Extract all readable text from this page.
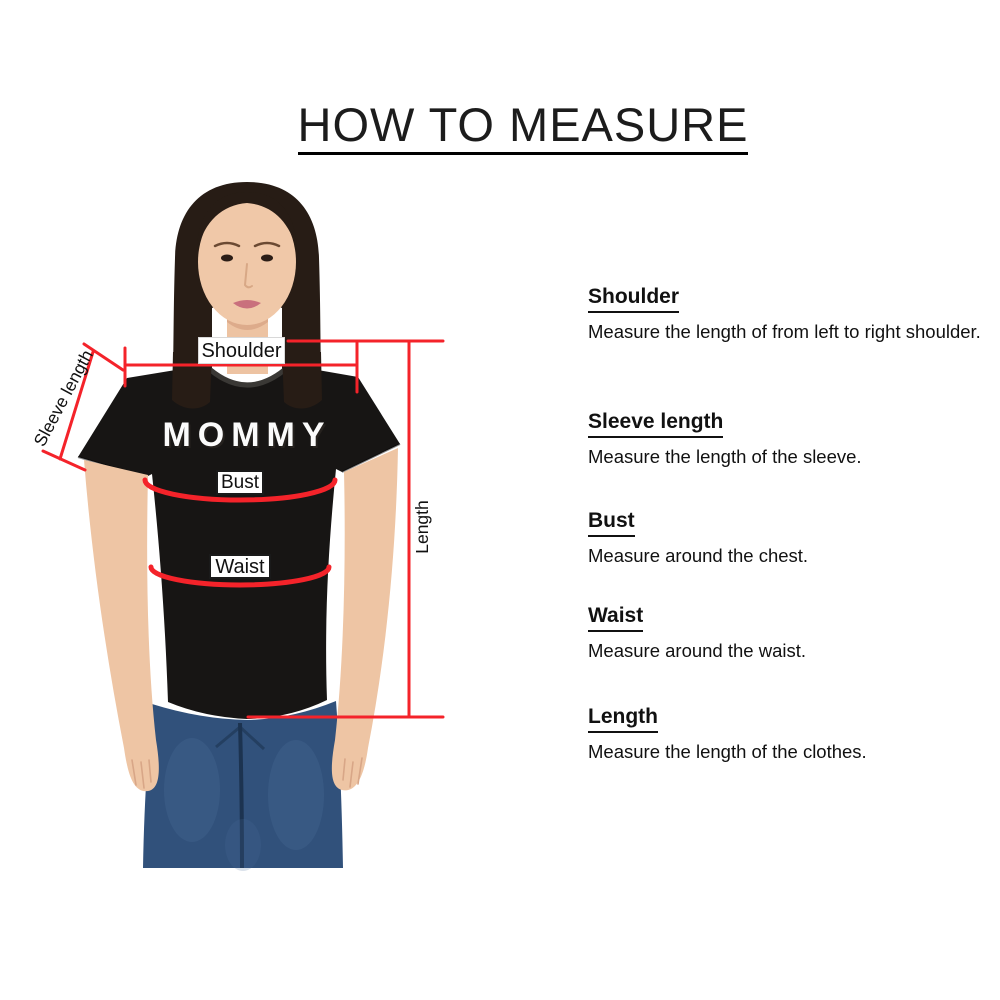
HOW TO MEASURE
MOMMY
Shoulder
Bust
Waist
Sleeve length
Length
Shoulder
Measure the length of from left to right shoulder.
Sleeve length
Measure the length of the sleeve.
Bust
Measure around the chest.
Waist
Measure around the waist.
Length
Measure the length of the clothes.
